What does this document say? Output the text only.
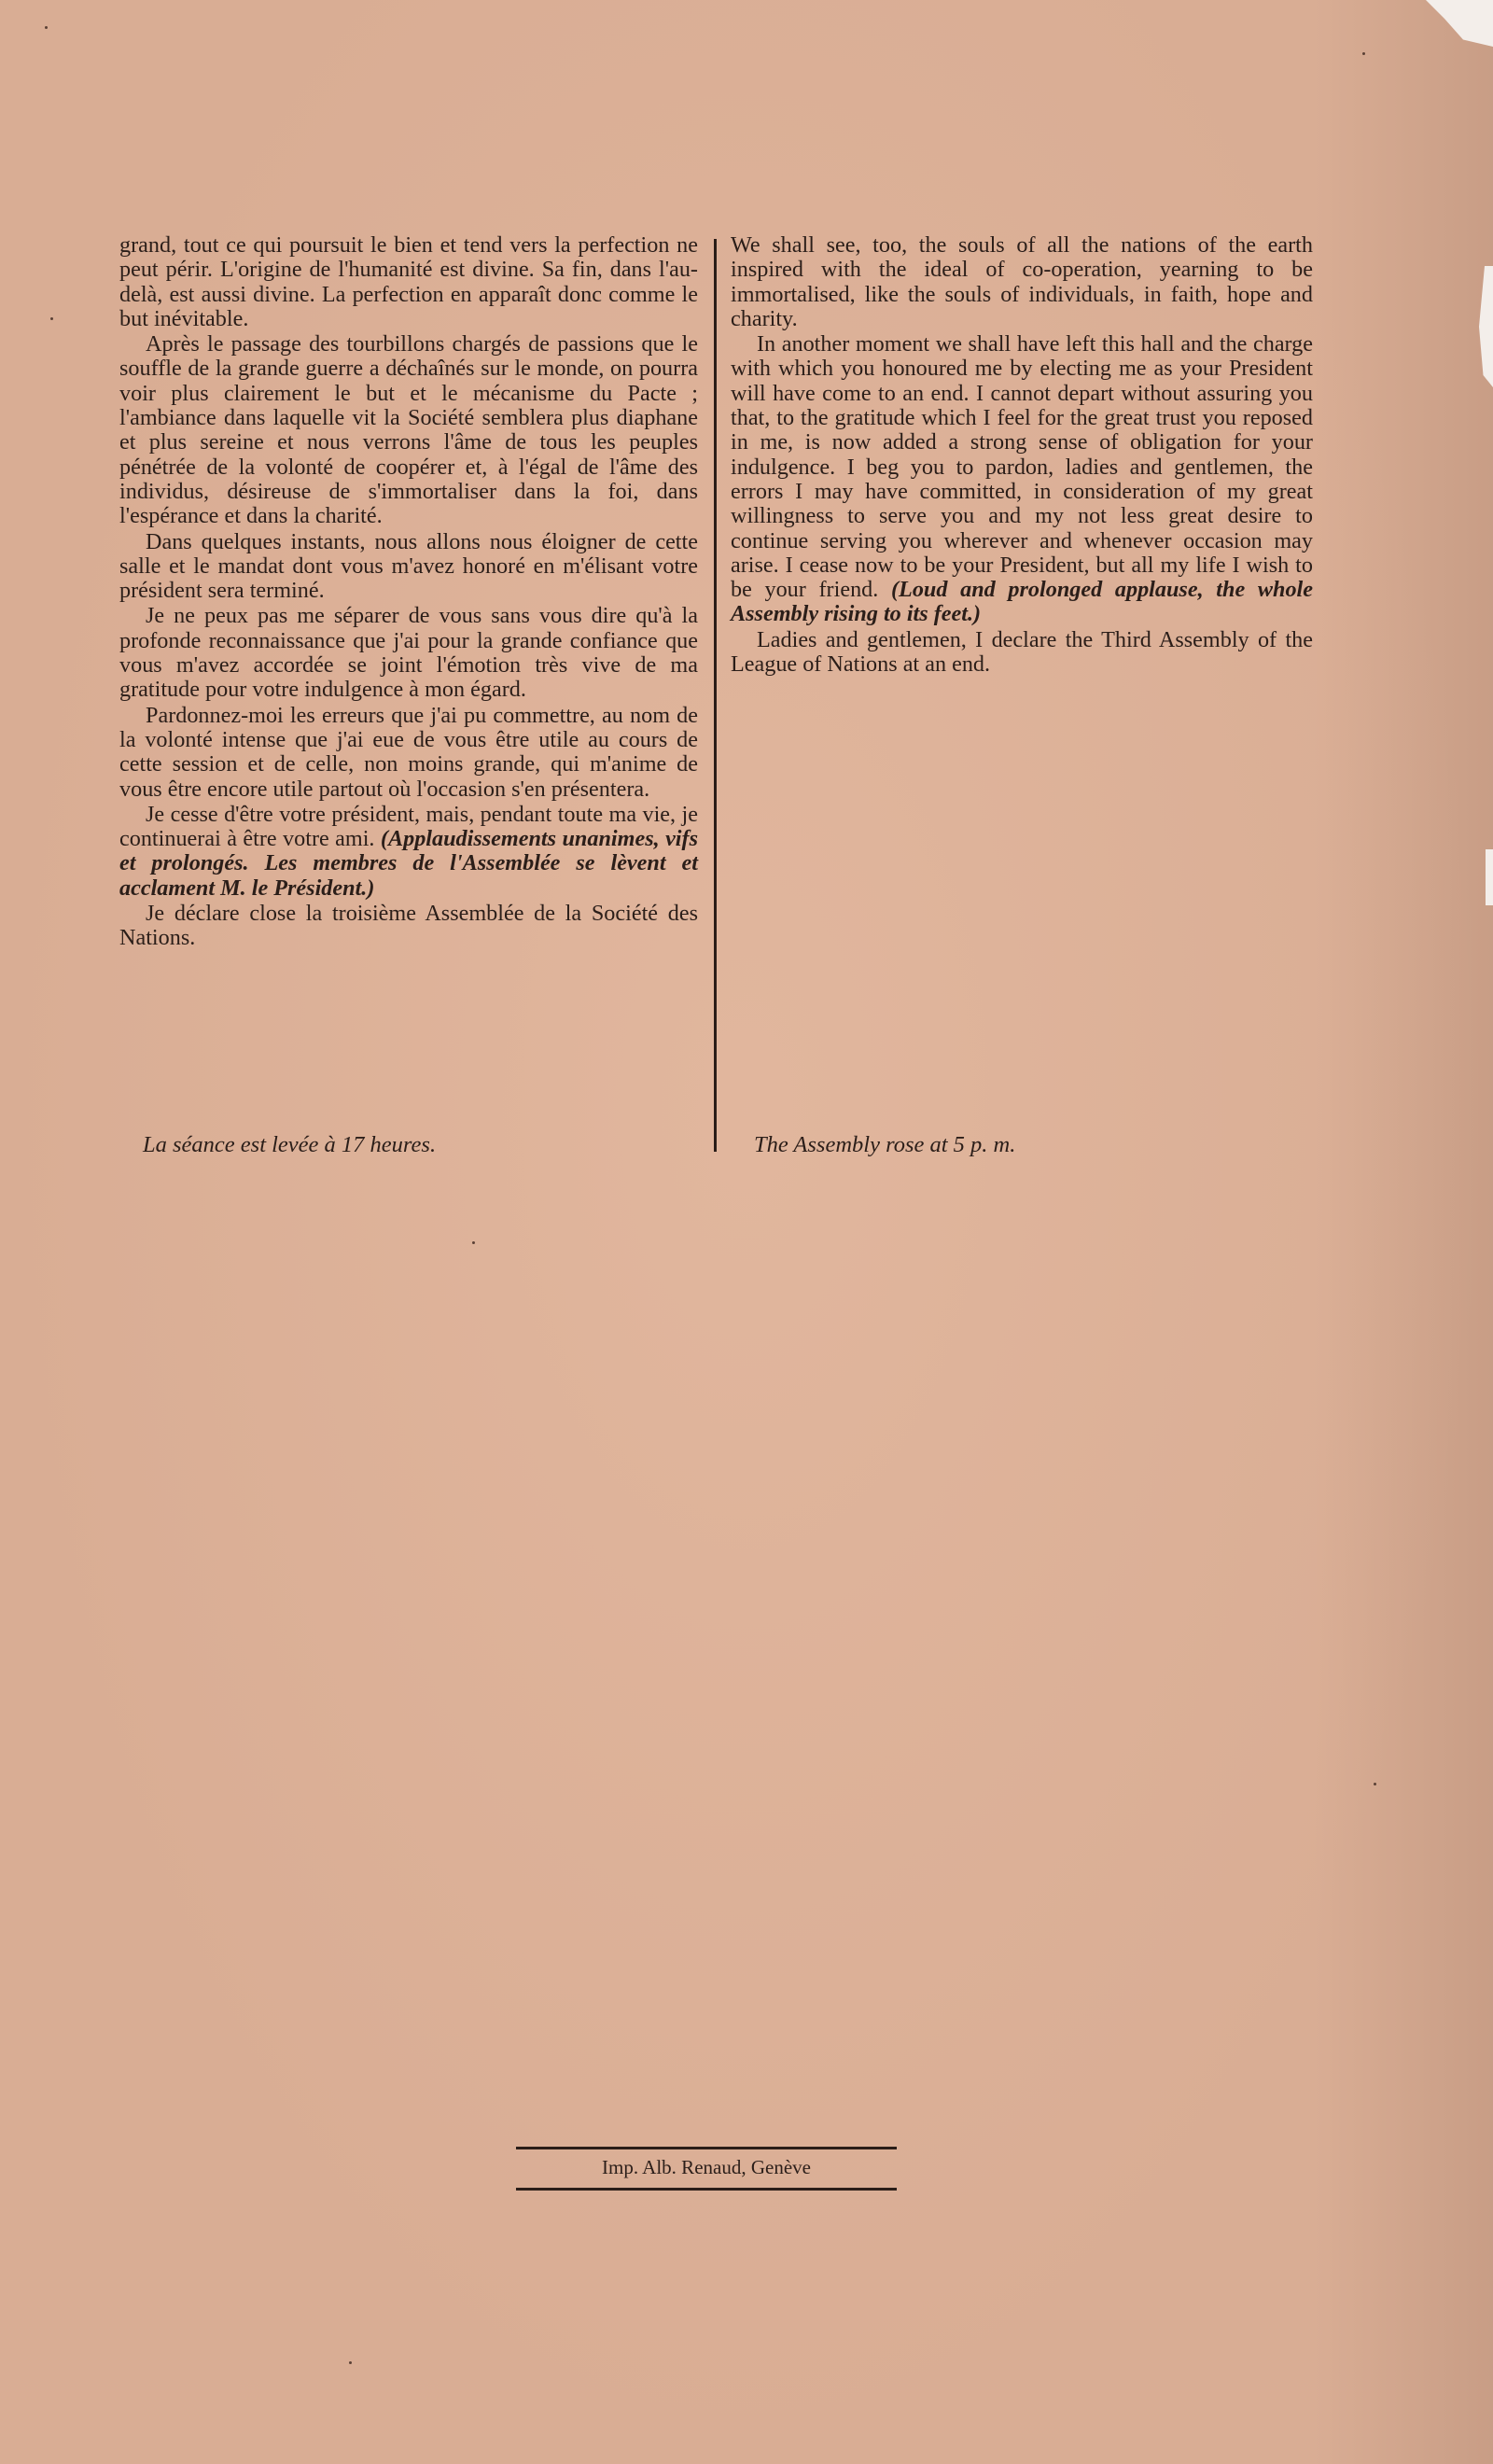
grand, tout ce qui poursuit le bien et tend vers la perfection ne peut périr. L'origine de l'humanité est divine. Sa fin, dans l'au-delà, est aussi divine. La perfection en apparaît donc comme le but inévitable.

Après le passage des tourbillons chargés de passions que le souffle de la grande guerre a déchaînés sur le monde, on pourra voir plus clairement le but et le mécanisme du Pacte ; l'ambiance dans laquelle vit la Société semblera plus diaphane et plus sereine et nous verrons l'âme de tous les peuples pénétrée de la volonté de coopérer et, à l'égal de l'âme des individus, désireuse de s'immortaliser dans la foi, dans l'espérance et dans la charité.

Dans quelques instants, nous allons nous éloigner de cette salle et le mandat dont vous m'avez honoré en m'élisant votre président sera terminé.

Je ne peux pas me séparer de vous sans vous dire qu'à la profonde reconnaissance que j'ai pour la grande confiance que vous m'avez accordée se joint l'émotion très vive de ma gratitude pour votre indulgence à mon égard.

Pardonnez-moi les erreurs que j'ai pu commettre, au nom de la volonté intense que j'ai eue de vous être utile au cours de cette session et de celle, non moins grande, qui m'anime de vous être encore utile partout où l'occasion s'en présentera.

Je cesse d'être votre président, mais, pendant toute ma vie, je continuerai à être votre ami. (Applaudissements unanimes, vifs et prolongés. Les membres de l'Assemblée se lèvent et acclament M. le Président.)

Je déclare close la troisième Assemblée de la Société des Nations.

We shall see, too, the souls of all the nations of the earth inspired with the ideal of co-operation, yearning to be immortalised, like the souls of individuals, in faith, hope and charity.

In another moment we shall have left this hall and the charge with which you honoured me by electing me as your President will have come to an end. I cannot depart without assuring you that, to the gratitude which I feel for the great trust you reposed in me, is now added a strong sense of obligation for your indulgence. I beg you to pardon, ladies and gentlemen, the errors I may have committed, in consideration of my great willingness to serve you and my not less great desire to continue serving you wherever and whenever occasion may arise. I cease now to be your President, but all my life I wish to be your friend. (Loud and prolonged applause, the whole Assembly rising to its feet.)

Ladies and gentlemen, I declare the Third Assembly of the League of Nations at an end.

La séance est levée à 17 heures.	The Assembly rose at 5 p. m.
Imp. Alb. Renaud, Genève
